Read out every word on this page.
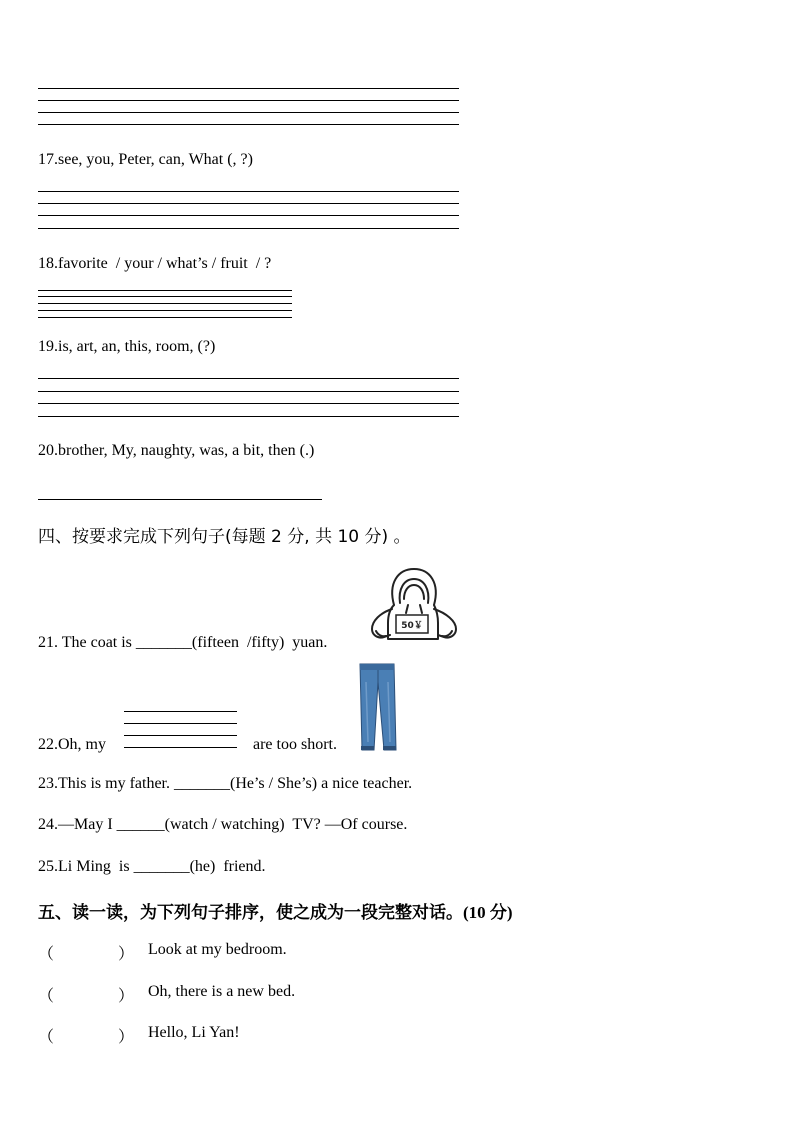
17.see, you, Peter, can, What (, ?)
18.favorite  / your / what’s / fruit  / ?
19.is, art, an, this, room, (?)
20.brother, My, naughty, was, a bit, then (.)
四、按要求完成下列句子(每题 2 分, 共 10 分) 。
50￥
21. The coat is _______(fifteen  /fifty)  yuan.
22.Oh, my	are too short.
23.This is my father. _______(He’s / She’s) a nice teacher.
24.—May I ______(watch / watching)  TV? —Of course.
25.Li Ming  is _______(he)  friend.
五、读一读，为下列句子排序，使之成为一段完整对话。(10 分)
（	） Look at my bedroom.
（	） Oh, there is a new bed.
（	） Hello, Li Yan!
